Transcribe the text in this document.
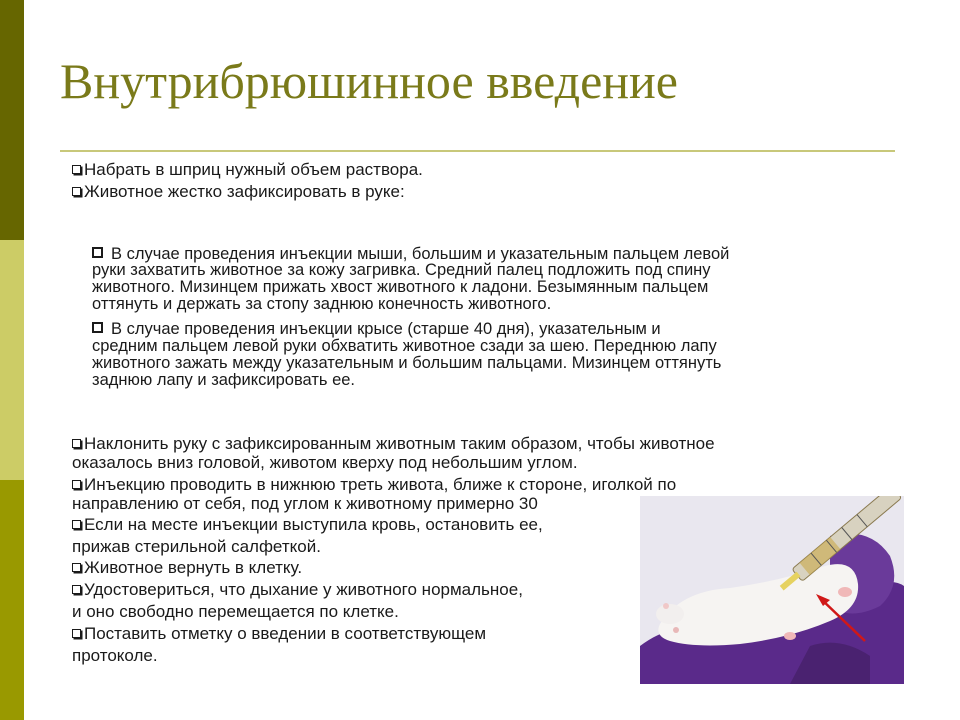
Внутрибрюшинное введение
Набрать в шприц нужный объем раствора.
Животное жестко зафиксировать в руке:
В случае проведения инъекции мыши, большим и указательным пальцем левой
руки захватить животное за кожу загривка. Средний палец подложить под спину
животного. Мизинцем прижать хвост животного к ладони. Безымянным пальцем
оттянуть и держать за стопу заднюю конечность животного.
В случае проведения инъекции крысе (старше 40 дня), указательным и
средним пальцем левой руки обхватить животное сзади за шею. Переднюю лапу
животного зажать между указательным и большим пальцами. Мизинцем оттянуть
заднюю лапу и зафиксировать ее.
Наклонить руку с зафиксированным животным таким образом, чтобы животное
оказалось вниз головой, животом кверху под небольшим углом.
Инъекцию проводить в нижнюю треть живота, ближе к стороне, иголкой по
направлению от себя, под углом к животному примерно 30
Если на месте инъекции выступила кровь, остановить ее,
прижав стерильной салфеткой.
Животное вернуть в клетку.
Удостовериться, что дыхание у животного нормальное,
и оно свободно перемещается по клетке.
Поставить отметку о введении в соответствующем
протоколе.
